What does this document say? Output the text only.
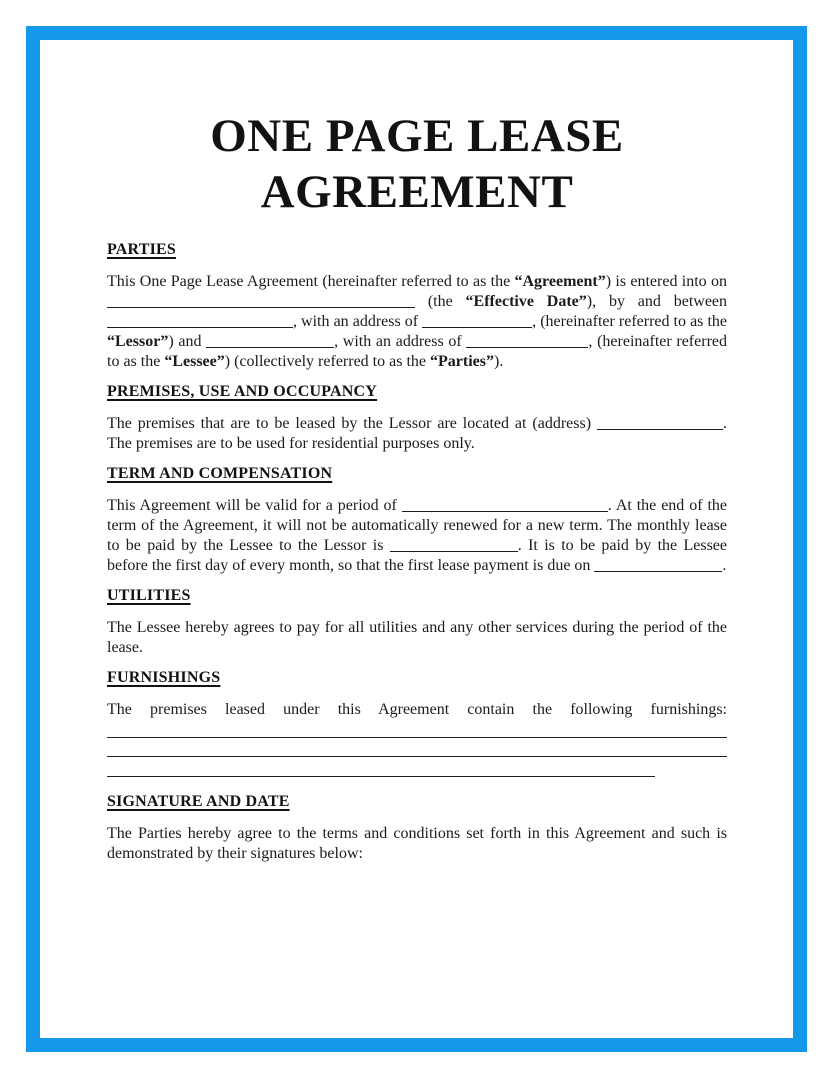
ONE PAGE LEASE AGREEMENT
PARTIES

This One Page Lease Agreement (hereinafter referred to as the “Agreement”) is entered into on  (the “Effective Date”), by and between , with an address of	, (hereinafter referred to as the “Lessor”) and	, with an address of	, (hereinafter referred to as the “Lessee”) (collectively referred to as the “Parties”).

PREMISES, USE AND OCCUPANCY

The premises that are to be leased by the Lessor are located at (address)	. The premises are to be used for residential purposes only.

TERM AND COMPENSATION

This Agreement will be valid for a period of	. At the end of the term of the Agreement, it will not be automatically renewed for a new term. The monthly lease to be paid by the Lessee to the Lessor is	. It is to be paid by the Lessee before the first day of every month, so that the first lease payment is due on	.

UTILITIES

The Lessee hereby agrees to pay for all utilities and any other services during the period of the lease.

FURNISHINGS

The premises leased under this Agreement contain the following furnishings:

SIGNATURE AND DATE

The Parties hereby agree to the terms and conditions set forth in this Agreement and such is demonstrated by their signatures below:
